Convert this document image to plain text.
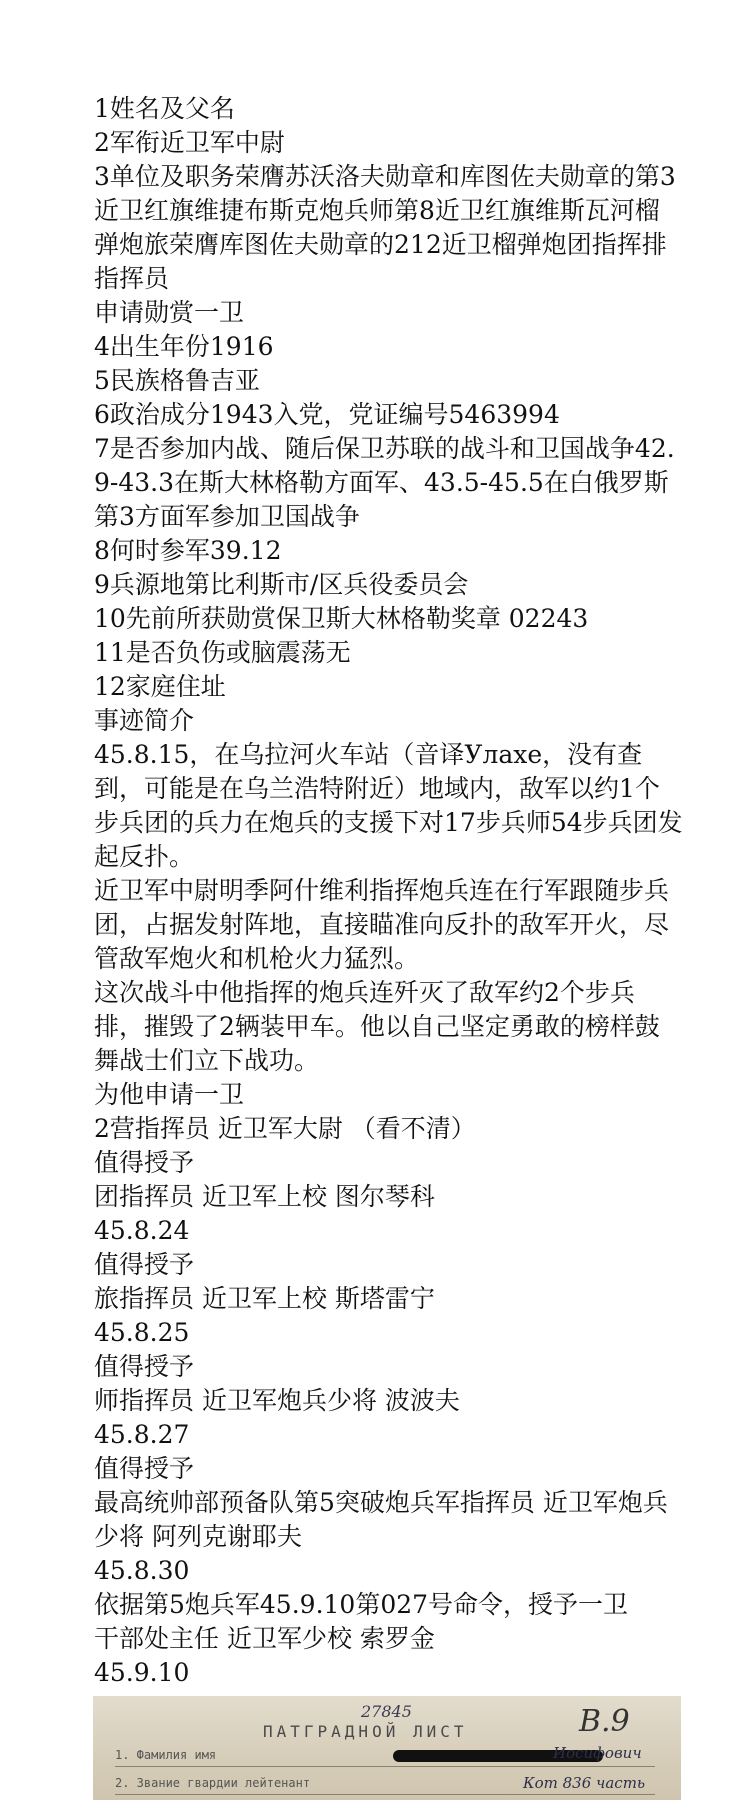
1姓名及父名

2军衔近卫军中尉

3单位及职务荣膺苏沃洛夫勋章和库图佐夫勋章的第3近卫红旗维捷布斯克炮兵师第8近卫红旗维斯瓦河榴弹炮旅荣膺库图佐夫勋章的212近卫榴弹炮团指挥排指挥员

申请勋赏一卫

4出生年份1916

5民族格鲁吉亚

6政治成分1943入党，党证编号5463994

7是否参加内战、随后保卫苏联的战斗和卫国战争42.9-43.3在斯大林格勒方面军、43.5-45.5在白俄罗斯第3方面军参加卫国战争

8何时参军39.12

9兵源地第比利斯市/区兵役委员会

10先前所获勋赏保卫斯大林格勒奖章 02243

11是否负伤或脑震荡无

12家庭住址

事迹简介

45.8.15，在乌拉河火车站（音译Улахе，没有查到，可能是在乌兰浩特附近）地域内，敌军以约1个步兵团的兵力在炮兵的支援下对17步兵师54步兵团发起反扑。

近卫军中尉明季阿什维利指挥炮兵连在行军跟随步兵团，占据发射阵地，直接瞄准向反扑的敌军开火，尽管敌军炮火和机枪火力猛烈。

这次战斗中他指挥的炮兵连歼灭了敌军约2个步兵排，摧毁了2辆装甲车。他以自己坚定勇敢的榜样鼓舞战士们立下战功。

为他申请一卫

2营指挥员 近卫军大尉 （看不清）

值得授予

团指挥员 近卫军上校 图尔琴科

45.8.24

值得授予

旅指挥员 近卫军上校 斯塔雷宁

45.8.25

值得授予

师指挥员 近卫军炮兵少将 波波夫

45.8.27

值得授予

最高统帅部预备队第5突破炮兵军指挥员 近卫军炮兵少将 阿列克谢耶夫

45.8.30

依据第5炮兵军45.9.10第027号命令，授予一卫

干部处主任 近卫军少校 索罗金

45.9.10

27845
ПАТГРАДНОЙ ЛИСТ	В.9
1. Фамилия имя	Иосифович
2. Звание гвардии лейтенант	Кот 836 часть
